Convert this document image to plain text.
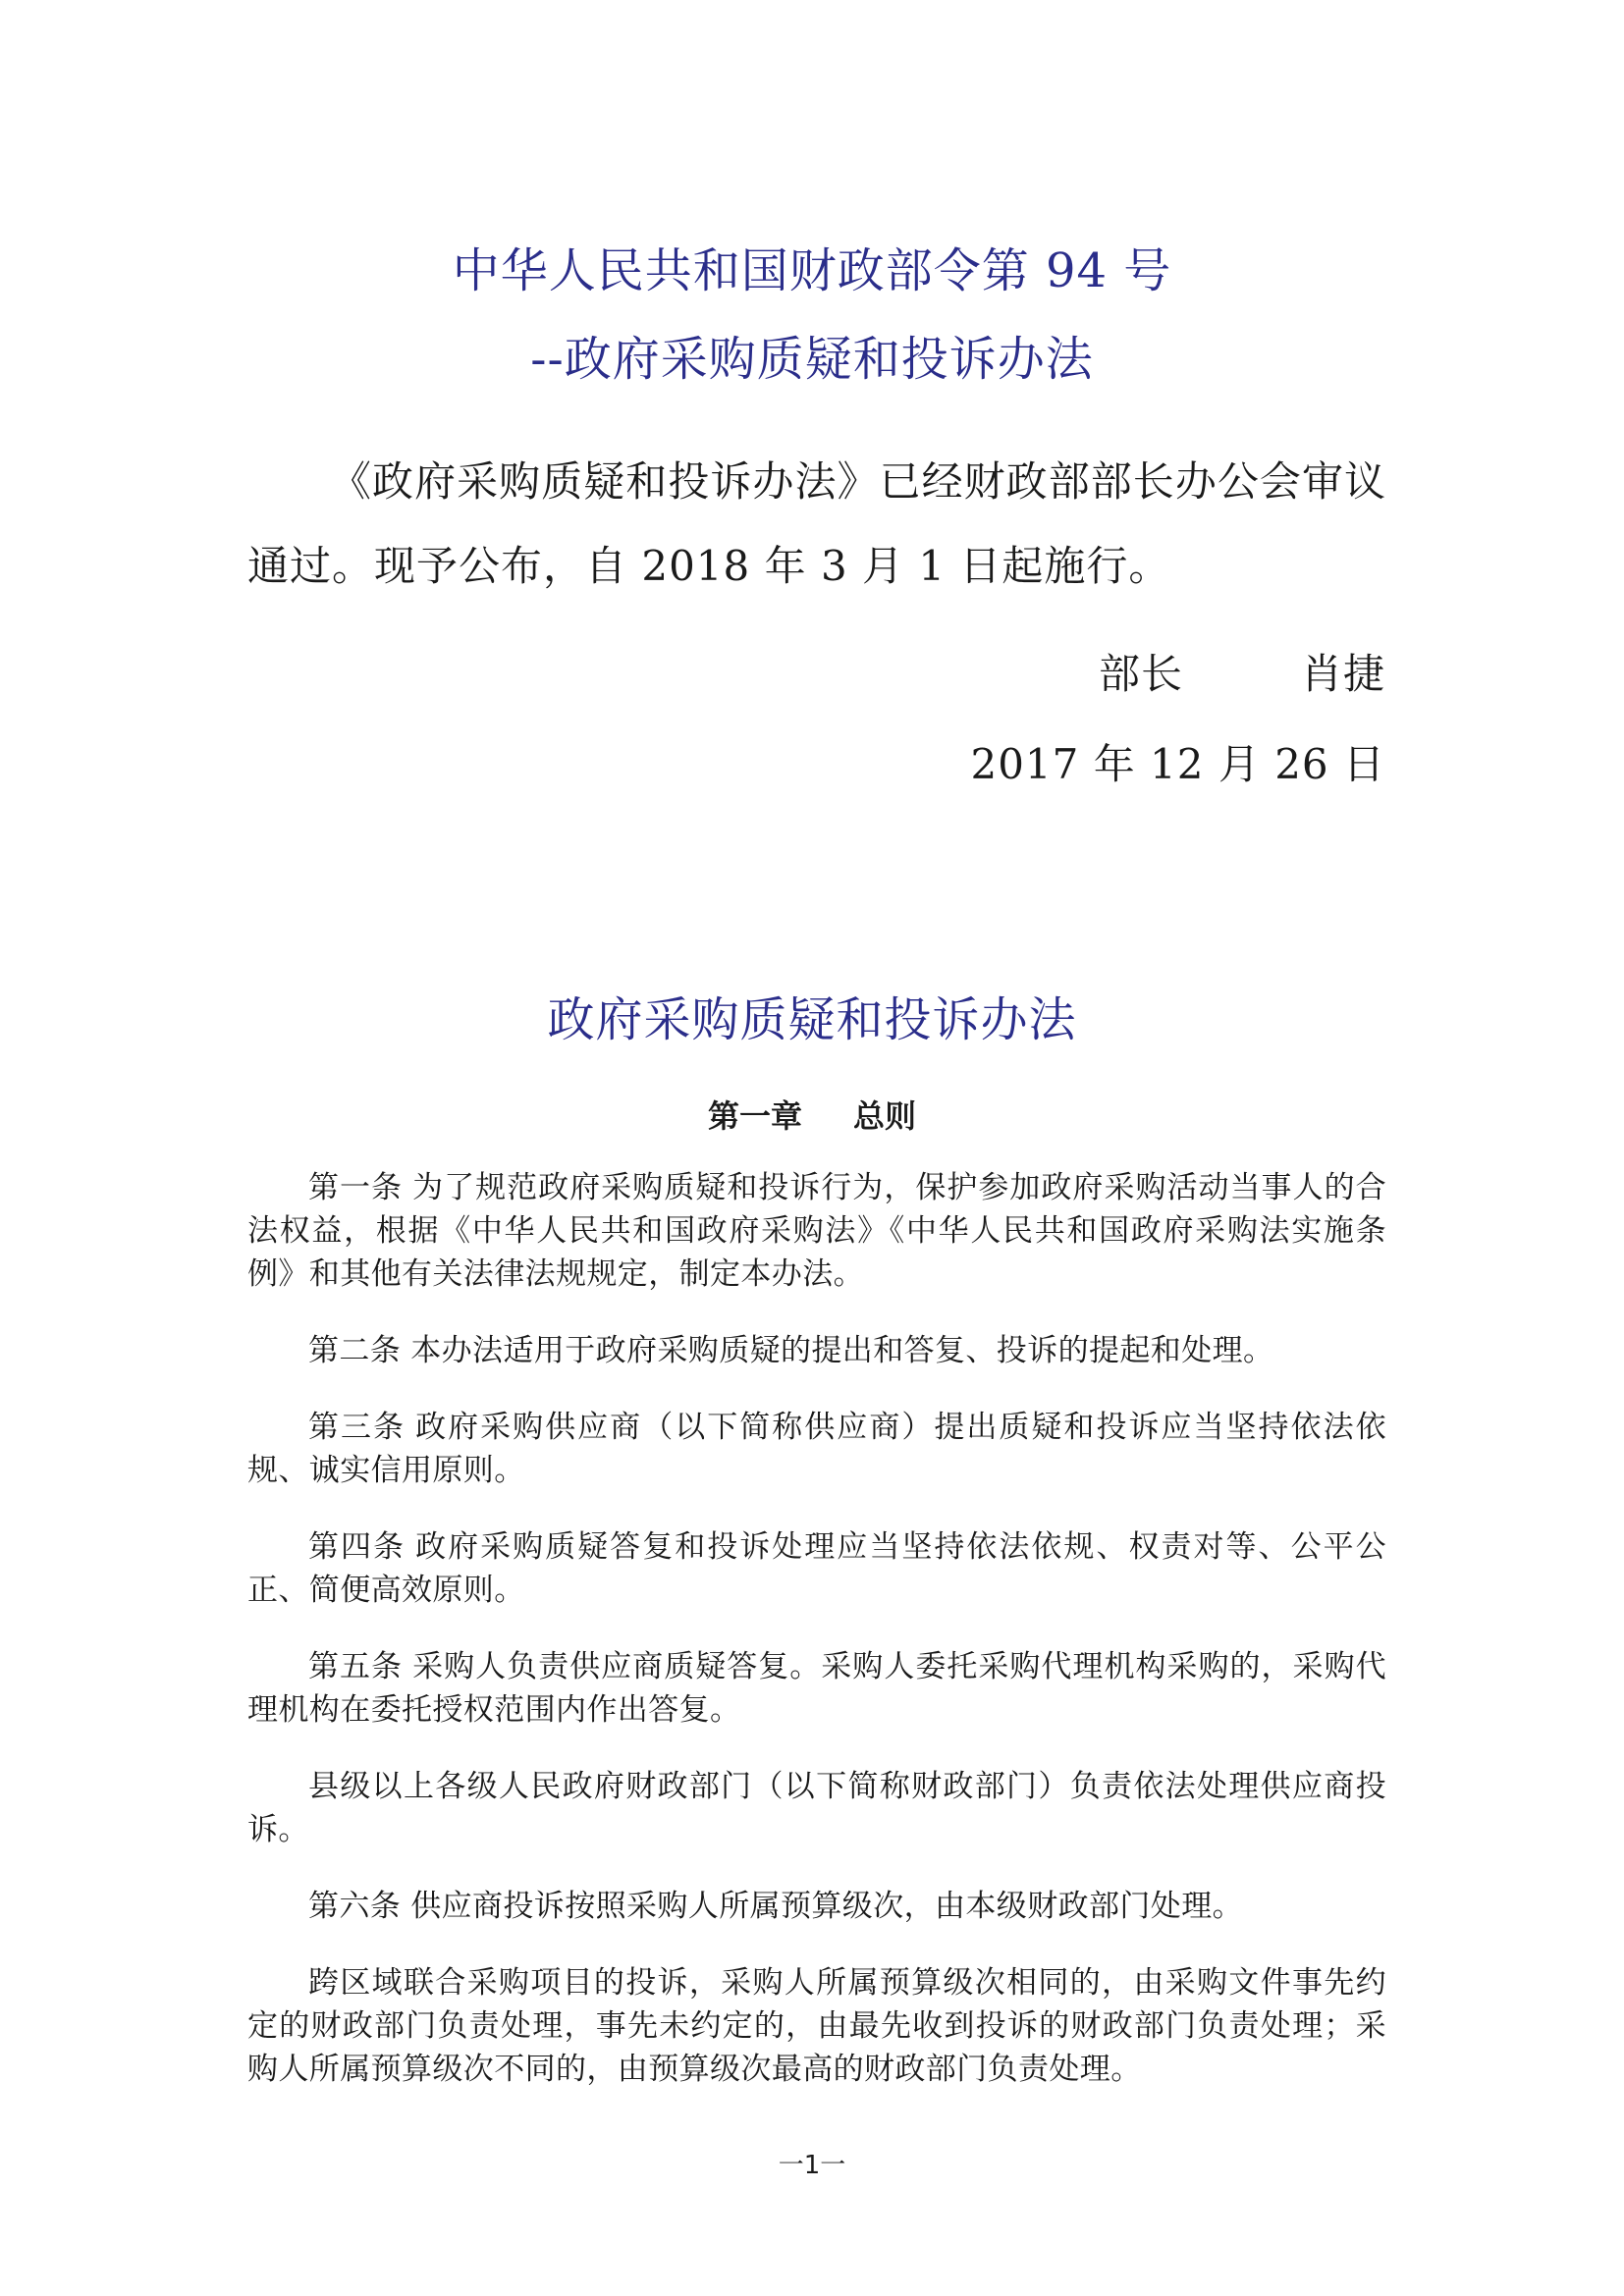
中华人民共和国财政部令第 94 号
--政府采购质疑和投诉办法
《政府采购质疑和投诉办法》已经财政部部长办公会审议通过。现予公布，自 2018 年 3 月 1 日起施行。
部长	肖捷
2017 年 12 月 26 日
政府采购质疑和投诉办法
第一章 总则

第一条 为了规范政府采购质疑和投诉行为，保护参加政府采购活动当事人的合法权益，根据《中华人民共和国政府采购法》《中华人民共和国政府采购法实施条例》和其他有关法律法规规定，制定本办法。

第二条 本办法适用于政府采购质疑的提出和答复、投诉的提起和处理。

第三条 政府采购供应商（以下简称供应商）提出质疑和投诉应当坚持依法依规、诚实信用原则。

第四条 政府采购质疑答复和投诉处理应当坚持依法依规、权责对等、公平公正、简便高效原则。

第五条 采购人负责供应商质疑答复。采购人委托采购代理机构采购的，采购代理机构在委托授权范围内作出答复。

县级以上各级人民政府财政部门（以下简称财政部门）负责依法处理供应商投诉。

第六条 供应商投诉按照采购人所属预算级次，由本级财政部门处理。

跨区域联合采购项目的投诉，采购人所属预算级次相同的，由采购文件事先约定的财政部门负责处理，事先未约定的，由最先收到投诉的财政部门负责处理；采购人所属预算级次不同的，由预算级次最高的财政部门负责处理。

一1一
